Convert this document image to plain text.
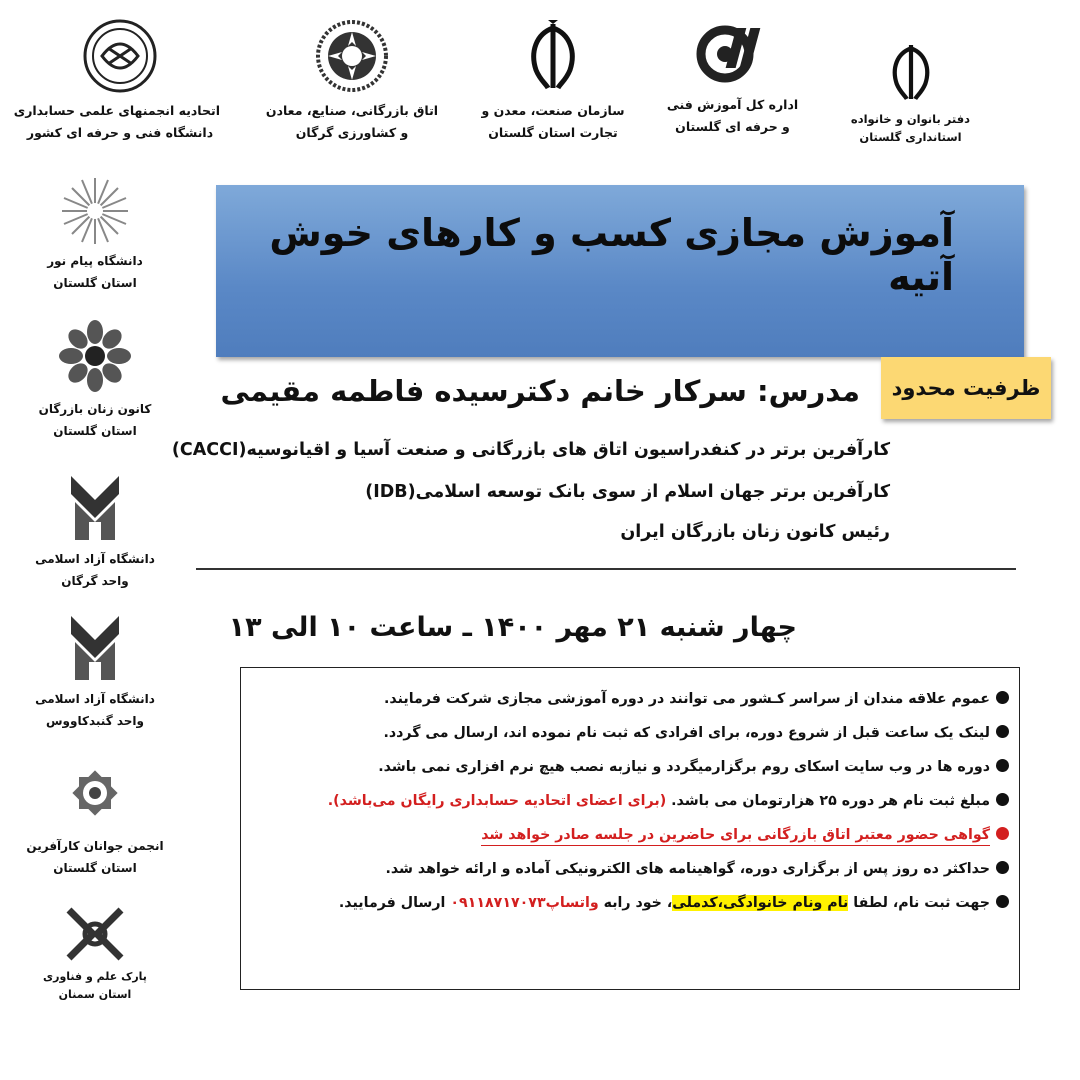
اتحادیه انجمنهای علمی حسابداری
دانشگاه فنی و حرفه ای کشور
اتاق بازرگانی، صنایع، معادن
و کشاورزی گرگان
سازمان صنعت، معدن و
تجارت استان گلستان
اداره کل آموزش فنی
و حرفه ای گلستان	دفتر بانوان و خانواده
استانداری گلستان
دانشگاه پیام نور
استان گلستان
کانون زنان بازرگان
استان گلستان
دانشگاه آزاد اسلامی
واحد گرگان
دانشگاه آزاد اسلامی
واحد گنبدکاووس
انجمن جوانان کارآفرین
استان گلستان
پارک علم و فناوری
استان سمنان
آموزش مجازی کسب و کارهای خوش آتیه
ظرفیت محدود
مدرس: سرکار خانم دکترسیده فاطمه مقیمی
کارآفرین برتر در کنفدراسیون اتاق های بازرگانی و صنعت آسیا و اقیانوسیه(CACCI)
کارآفرین برتر جهان اسلام از سوی بانک توسعه اسلامی(IDB)
رئیس کانون زنان بازرگان ایران
چهار شنبه ۲۱ مهر ۱۴۰۰ ـ ساعت ۱۰ الی ۱۳
عموم علاقه مندان از سراسر کـشور می توانند در دوره آموزشی مجازی شرکت فرمایند.
لینک یک ساعت قبل از شروع دوره، برای افرادی که ثبت نام نموده اند، ارسال می گردد.
دوره ها در وب سایت اسکای روم برگزارمیگردد و نیازبه نصب هیچ نرم افزاری نمی باشد.
مبلغ ثبت نام هر دوره ۲۵ هزارتومان می باشد. (برای اعضای اتحادیه حسابداری رایگان می‌باشد).
گواهی حضور معتبر اتاق بازرگانی برای حاضرین در جلسه صادر خواهد شد
حداکثر ده روز پس از برگزاری دوره، گواهینامه های الکترونیکی آماده و ارائه خواهد شد.
جهت ثبت نام، لطفا نام ونام خانوادگی،کدملی، خود رابه واتساپ۰۹۱۱۸۷۱۷۰۷۳ ارسال فرمایید.
